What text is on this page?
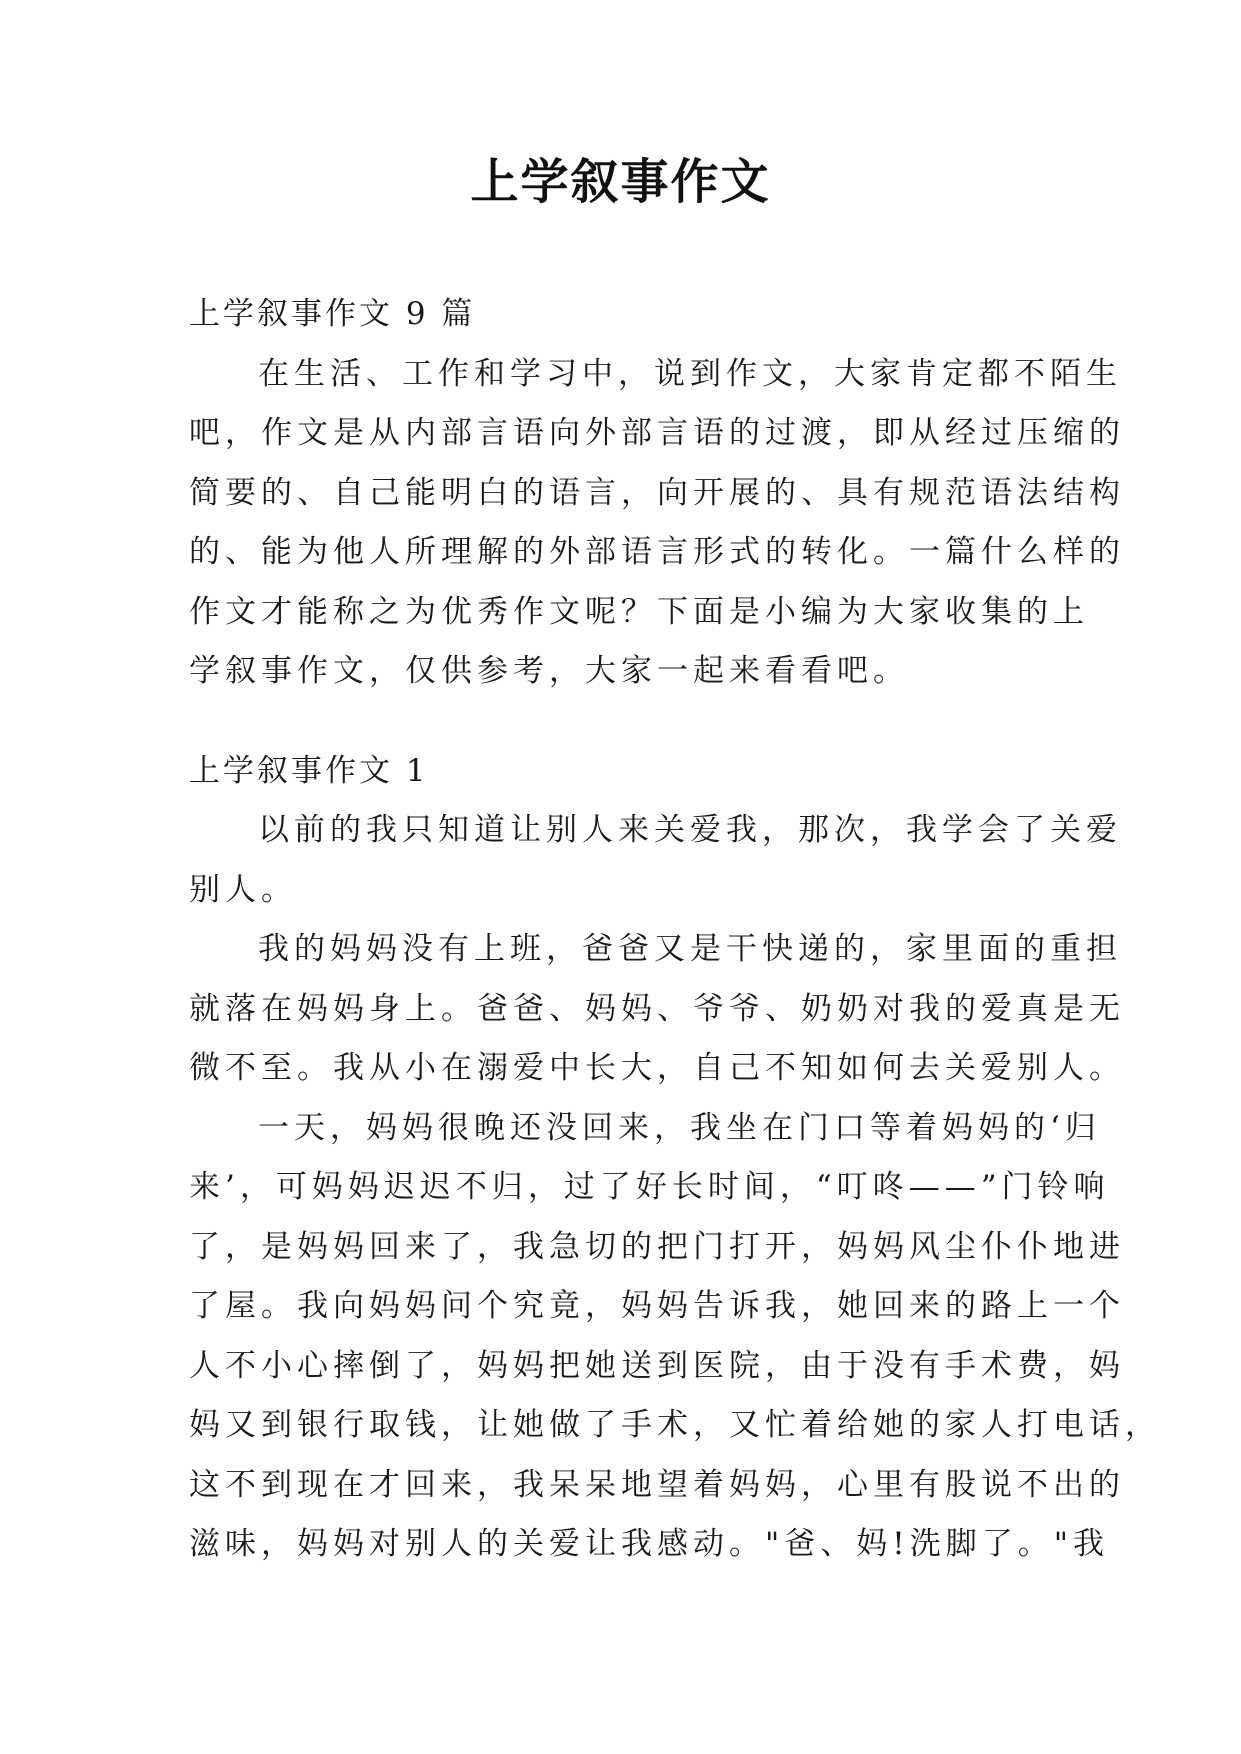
上学叙事作文

上学叙事作文 9 篇

在生活、工作和学习中，说到作文，大家肯定都不陌生

吧，作文是从内部言语向外部言语的过渡，即从经过压缩的

简要的、自己能明白的语言，向开展的、具有规范语法结构

的、能为他人所理解的外部语言形式的转化。一篇什么样的

作文才能称之为优秀作文呢？下面是小编为大家收集的上

学叙事作文，仅供参考，大家一起来看看吧。

上学叙事作文 1

以前的我只知道让别人来关爱我，那次，我学会了关爱

别人。

我的妈妈没有上班，爸爸又是干快递的，家里面的重担

就落在妈妈身上。爸爸、妈妈、爷爷、奶奶对我的爱真是无

微不至。我从小在溺爱中长大，自己不知如何去关爱别人。

一天，妈妈很晚还没回来，我坐在门口等着妈妈的‘归

来’，可妈妈迟迟不归，过了好长时间，“叮咚——”门铃响

了，是妈妈回来了，我急切的把门打开，妈妈风尘仆仆地进

了屋。我向妈妈问个究竟，妈妈告诉我，她回来的路上一个

人不小心摔倒了，妈妈把她送到医院，由于没有手术费，妈

妈又到银行取钱，让她做了手术，又忙着给她的家人打电话，

这不到现在才回来，我呆呆地望着妈妈，心里有股说不出的

滋味，妈妈对别人的关爱让我感动。"爸、妈!洗脚了。"我
